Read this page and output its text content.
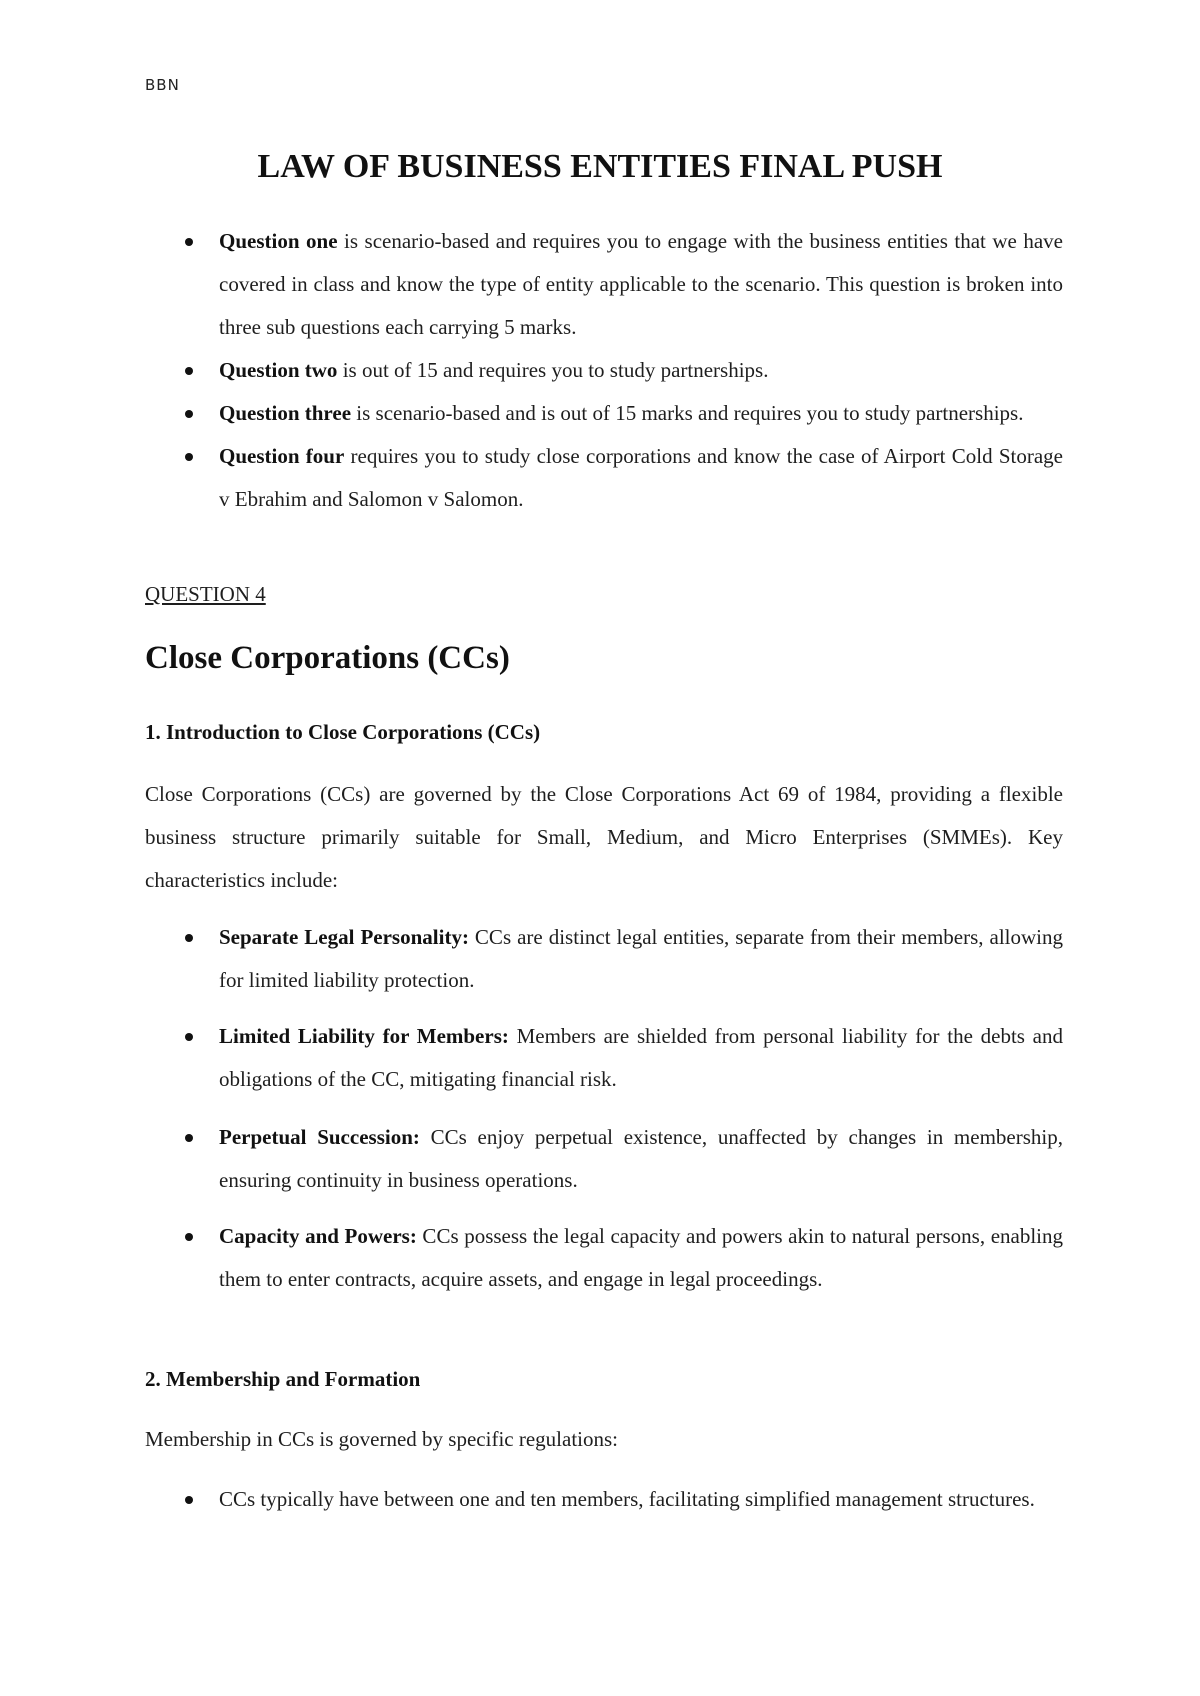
BBN
LAW OF BUSINESS ENTITIES FINAL PUSH
Question one is scenario-based and requires you to engage with the business entities that we have covered in class and know the type of entity applicable to the scenario. This question is broken into three sub questions each carrying 5 marks.
Question two is out of 15 and requires you to study partnerships.
Question three is scenario-based and is out of 15 marks and requires you to study partnerships.
Question four requires you to study close corporations and know the case of Airport Cold Storage v Ebrahim and Salomon v Salomon.

QUESTION 4

Close Corporations (CCs)
1. Introduction to Close Corporations (CCs)

Close Corporations (CCs) are governed by the Close Corporations Act 69 of 1984, providing a flexible business structure primarily suitable for Small, Medium, and Micro Enterprises (SMMEs). Key characteristics include:

Separate Legal Personality: CCs are distinct legal entities, separate from their members, allowing for limited liability protection.
Limited Liability for Members: Members are shielded from personal liability for the debts and obligations of the CC, mitigating financial risk.
Perpetual Succession: CCs enjoy perpetual existence, unaffected by changes in membership, ensuring continuity in business operations.
Capacity and Powers: CCs possess the legal capacity and powers akin to natural persons, enabling them to enter contracts, acquire assets, and engage in legal proceedings.
2. Membership and Formation

Membership in CCs is governed by specific regulations:

CCs typically have between one and ten members, facilitating simplified management structures.
